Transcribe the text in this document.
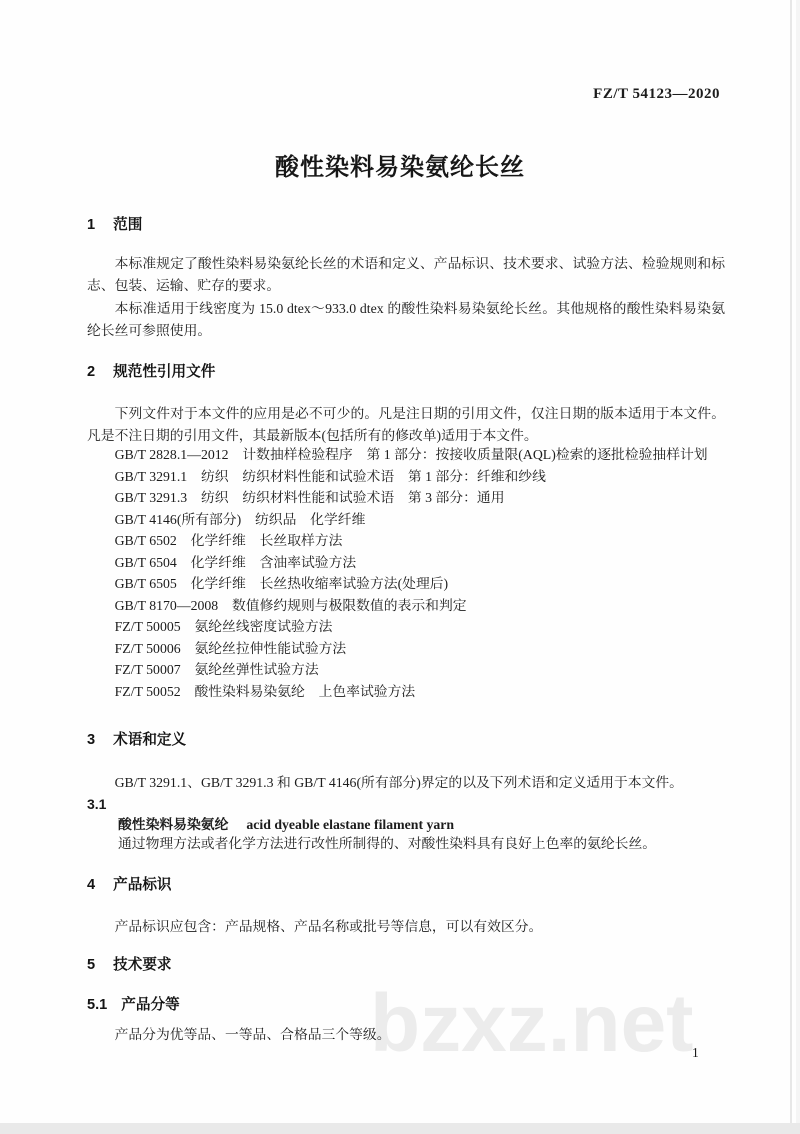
bzxz.net
FZ/T 54123—2020
酸性染料易染氨纶长丝
1 范围

本标准规定了酸性染料易染氨纶长丝的术语和定义、产品标识、技术要求、试验方法、检验规则和标志、包装、运输、贮存的要求。

本标准适用于线密度为 15.0 dtex～933.0 dtex 的酸性染料易染氨纶长丝。其他规格的酸性染料易染氨纶长丝可参照使用。

2 规范性引用文件

下列文件对于本文件的应用是必不可少的。凡是注日期的引用文件，仅注日期的版本适用于本文件。凡是不注日期的引用文件，其最新版本(包括所有的修改单)适用于本文件。

GB/T 2828.1—2012　计数抽样检验程序　第 1 部分：按接收质量限(AQL)检索的逐批检验抽样计划
GB/T 3291.1　纺织　纺织材料性能和试验术语　第 1 部分：纤维和纱线
GB/T 3291.3　纺织　纺织材料性能和试验术语　第 3 部分：通用
GB/T 4146(所有部分)　纺织品　化学纤维
GB/T 6502　化学纤维　长丝取样方法
GB/T 6504　化学纤维　含油率试验方法
GB/T 6505　化学纤维　长丝热收缩率试验方法(处理后)
GB/T 8170—2008　数值修约规则与极限数值的表示和判定
FZ/T 50005　氨纶丝线密度试验方法
FZ/T 50006　氨纶丝拉伸性能试验方法
FZ/T 50007　氨纶丝弹性试验方法
FZ/T 50052　酸性染料易染氨纶　上色率试验方法
3 术语和定义

GB/T 3291.1、GB/T 3291.3 和 GB/T 4146(所有部分)界定的以及下列术语和定义适用于本文件。

3.1
酸性染料易染氨纶 acid dyeable elastane filament yarn
通过物理方法或者化学方法进行改性所制得的、对酸性染料具有良好上色率的氨纶长丝。
4 产品标识

产品标识应包含：产品规格、产品名称或批号等信息，可以有效区分。

5 技术要求
5.1 产品分等

产品分为优等品、一等品、合格品三个等级。

1
